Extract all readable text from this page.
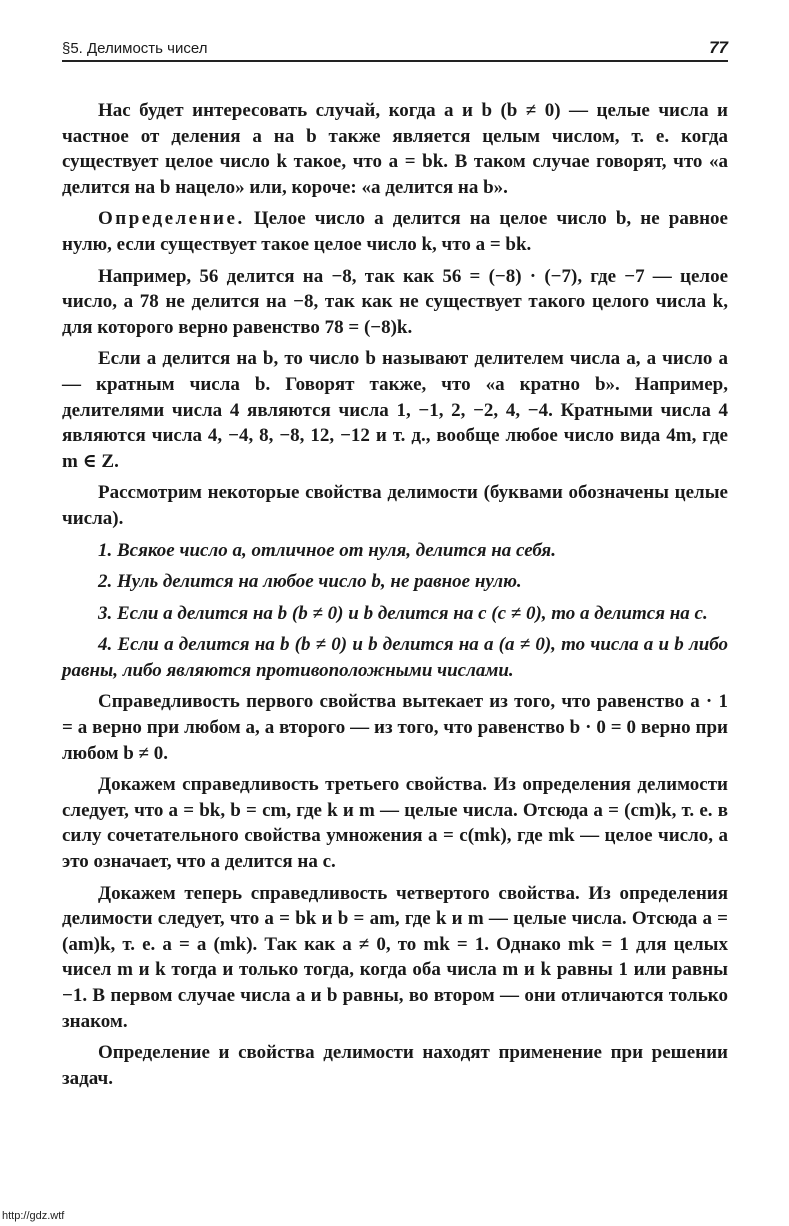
§5. Делимость чисел	77

Нас будет интересовать случай, когда a и b (b ≠ 0) — целые числа и частное от деления a на b также является целым числом, т. е. когда существует целое число k такое, что a = bk. В таком случае говорят, что «a делится на b нацело» или, короче: «a делится на b».

Определение. Целое число a делится на целое число b, не равное нулю, если существует такое целое число k, что a = bk.

Например, 56 делится на −8, так как 56 = (−8) · (−7), где −7 — целое число, а 78 не делится на −8, так как не существует такого целого числа k, для которого верно равенство 78 = (−8)k.

Если a делится на b, то число b называют делителем числа a, а число a — кратным числа b. Говорят также, что «a кратно b». Например, делителями числа 4 являются числа 1, −1, 2, −2, 4, −4. Кратными числа 4 являются числа 4, −4, 8, −8, 12, −12 и т. д., вообще любое число вида 4m, где m ∈ Z.

Рассмотрим некоторые свойства делимости (буквами обозначены целые числа).

1. Всякое число a, отличное от нуля, делится на себя.

2. Нуль делится на любое число b, не равное нулю.

3. Если a делится на b (b ≠ 0) и b делится на c (c ≠ 0), то a делится на c.

4. Если a делится на b (b ≠ 0) и b делится на a (a ≠ 0), то числа a и b либо равны, либо являются противоположными числами.

Справедливость первого свойства вытекает из того, что равенство a · 1 = a верно при любом a, а второго — из того, что равенство b · 0 = 0 верно при любом b ≠ 0.

Докажем справедливость третьего свойства. Из определения делимости следует, что a = bk, b = cm, где k и m — целые числа. Отсюда a = (cm)k, т. е. в силу сочетательного свойства умножения a = c(mk), где mk — целое число, а это означает, что a делится на c.

Докажем теперь справедливость четвертого свойства. Из определения делимости следует, что a = bk и b = am, где k и m — целые числа. Отсюда a = (am)k, т. е. a = a (mk). Так как a ≠ 0, то mk = 1. Однако mk = 1 для целых чисел m и k тогда и только тогда, когда оба числа m и k равны 1 или равны −1. В первом случае числа a и b равны, во втором — они отличаются только знаком.

Определение и свойства делимости находят применение при решении задач.

http://gdz.wtf
